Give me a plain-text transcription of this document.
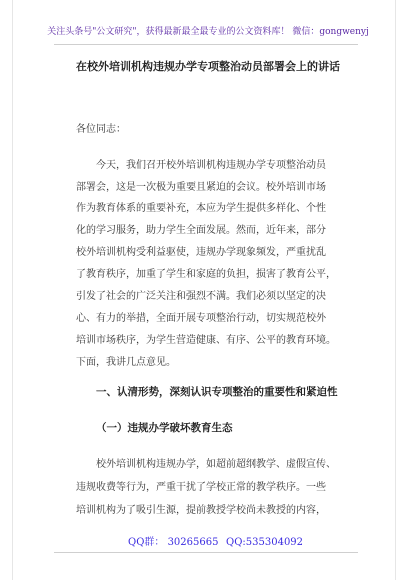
关注头条号"公文研究"，获得最新最全最专业的公文资料库！ 微信：gongwenyj
在校外培训机构违规办学专项整治动员部署会上的讲话
各位同志：
今天，我们召开校外培训机构违规办学专项整治动员
部署会，这是一次极为重要且紧迫的会议。校外培训市场
作为教育体系的重要补充，本应为学生提供多样化、个性
化的学习服务，助力学生全面发展。然而，近年来，部分
校外培训机构受利益驱使，违规办学现象频发，严重扰乱
了教育秩序，加重了学生和家庭的负担，损害了教育公平，
引发了社会的广泛关注和强烈不满。我们必须以坚定的决
心、有力的举措，全面开展专项整治行动，切实规范校外
培训市场秩序，为学生营造健康、有序、公平的教育环境。
下面，我讲几点意见。
一、认清形势，深刻认识专项整治的重要性和紧迫性
（一）违规办学破坏教育生态
校外培训机构违规办学，如超前超纲教学、虚假宣传、
违规收费等行为，严重干扰了学校正常的教学秩序。一些
培训机构为了吸引生源，提前教授学校尚未教授的内容，
QQ群： 30265665 QQ:535304092
